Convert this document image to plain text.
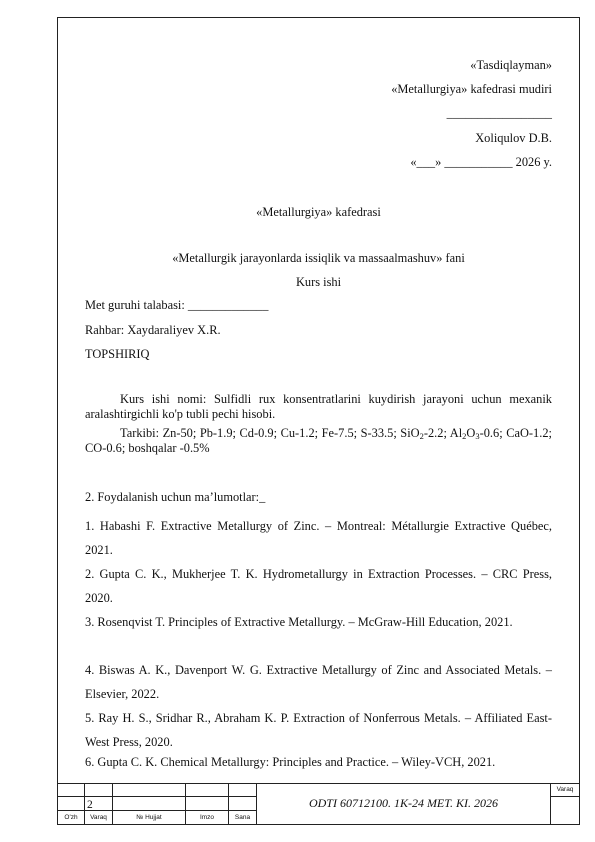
«Tasdiqlayman»
«Metallurgiya» kafedrasi mudiri
_________________
Xoliqulov D.B.
«___» ___________ 2026 y.
«Metallurgiya» kafedrasi
«Metallurgik jarayonlarda issiqlik va massaalmashuv» fani
Kurs ishi
Met guruhi talabasi: _____________
Rahbar: Xaydaraliyev X.R.
TOPSHIRIQ
Kurs ishi nomi: Sulfidli rux konsentratlarini kuydirish jarayoni uchun mexanik aralashtirgichli ko'p tubli pechi hisobi.
Tarkibi: Zn-50; Pb-1.9; Cd-0.9; Cu-1.2; Fe-7.5; S-33.5; SiO$_2$-2.2; $Al_2O_3-0.6$; CaO-1.2; CO-0.6; boshqalar -0.5%
2. Foydalanish uchun ma’lumotlar:_
1. Habashi F. Extractive Metallurgy of Zinc. – Montreal: Métallurgie Extractive Québec, 2021.
2. Gupta C. K., Mukherjee T. K. Hydrometallurgy in Extraction Processes. – CRC Press, 2020.
3. Rosenqvist T. Principles of Extractive Metallurgy. – McGraw-Hill Education, 2021.
4. Biswas A. K., Davenport W. G. Extractive Metallurgy of Zinc and Associated Metals. – Elsevier, 2022.
5. Ray H. S., Sridhar R., Abraham K. P. Extraction of Nonferrous Metals. – Affiliated East-West Press, 2020.
6. Gupta C. K. Chemical Metallurgy: Principles and Practice. – Wiley-VCH, 2021.
2
O'zh	Varaq	№ Hujjat	Imzo	Sana
ODTI 60712100. 1K-24 MET. KI. 2026
Varaq
